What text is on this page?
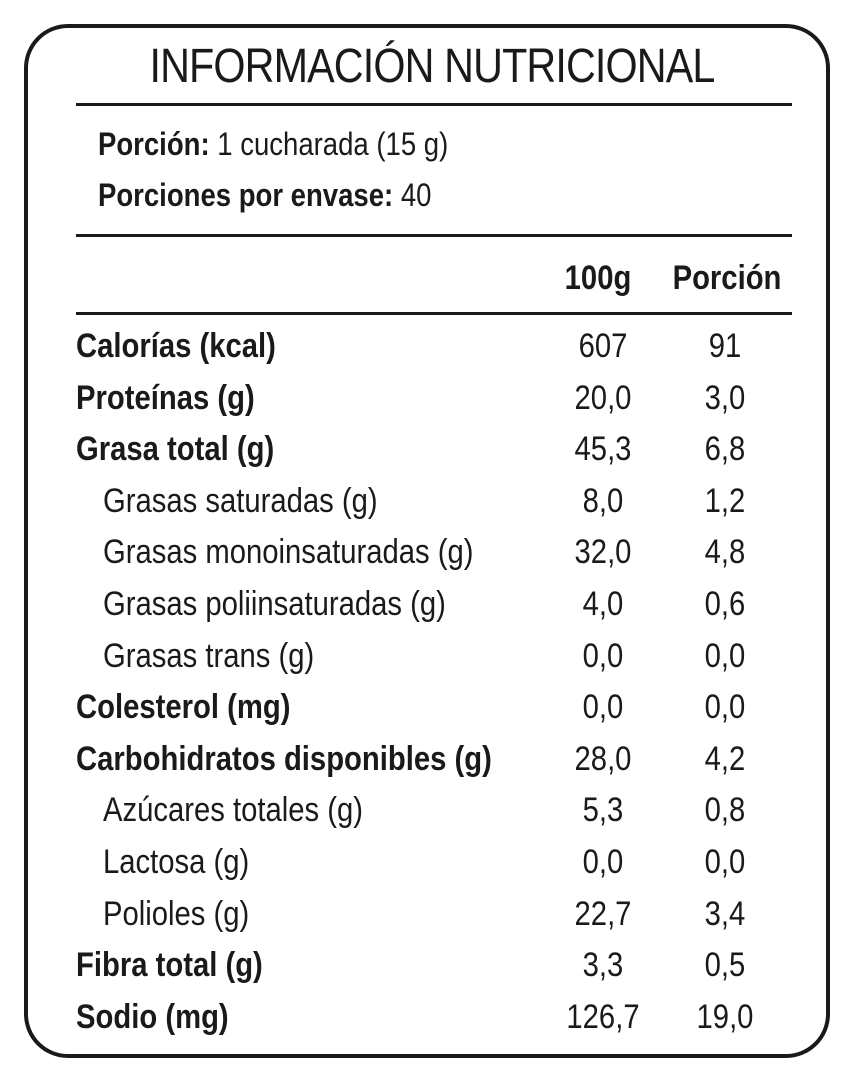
INFORMACIÓN NUTRICIONAL
Porción: 1 cucharada (15 g)
Porciones por envase: 40
100g Porción
Calorías (kcal)	607	91
Proteínas (g)	20,0	3,0
Grasa total (g)	45,3	6,8
Grasas saturadas (g)	8,0	1,2
Grasas monoinsaturadas (g)	32,0	4,8
Grasas poliinsaturadas (g)	4,0	0,6
Grasas trans (g)	0,0	0,0
Colesterol (mg)	0,0	0,0
Carbohidratos disponibles (g)	28,0	4,2
Azúcares totales (g)	5,3	0,8
Lactosa (g)	0,0	0,0
Polioles (g)	22,7	3,4
Fibra total (g)	3,3	0,5
Sodio (mg)	126,7	19,0
